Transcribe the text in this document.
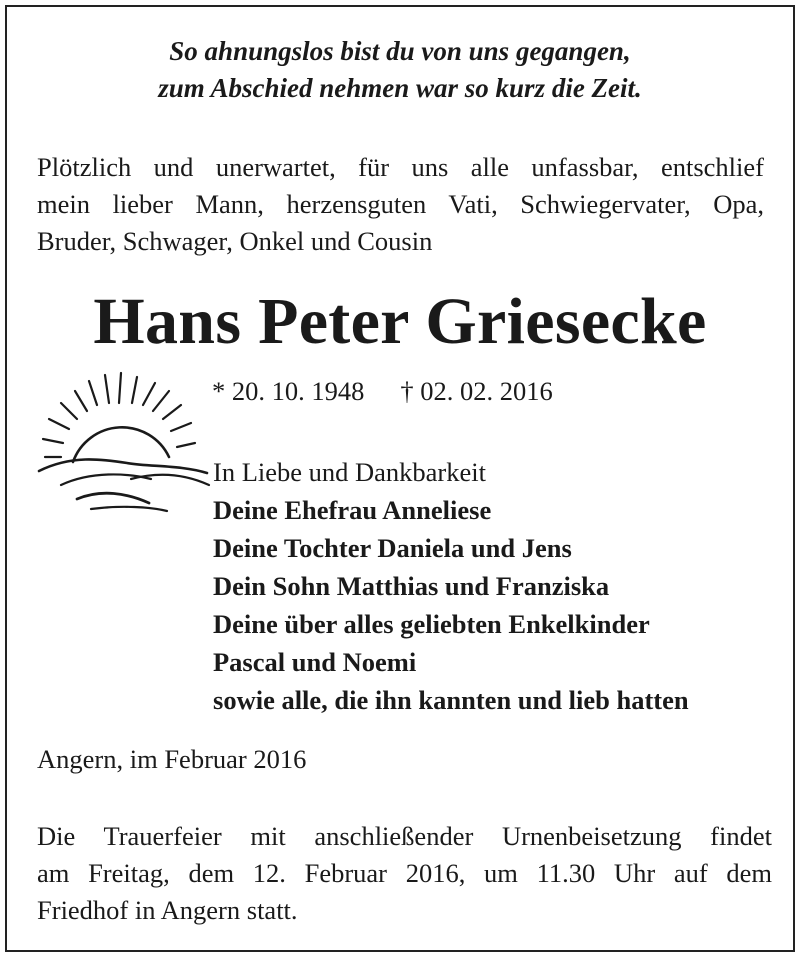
So ahnungslos bist du von uns gegangen,
zum Abschied nehmen war so kurz die Zeit.
Plötzlich und unerwartet, für uns alle unfassbar, entschlief
mein lieber Mann, herzensguten Vati, Schwiegervater, Opa,
Bruder, Schwager, Onkel und Cousin
Hans Peter Griesecke
* 20. 10. 1948 † 02. 02. 2016
In Liebe und Dankbarkeit
Deine Ehefrau Anneliese
Deine Tochter Daniela und Jens
Dein Sohn Matthias und Franziska
Deine über alles geliebten Enkelkinder
Pascal und Noemi
sowie alle, die ihn kannten und lieb hatten
Angern, im Februar 2016
Die Trauerfeier mit anschließender Urnenbeisetzung findet
am Freitag, dem 12. Februar 2016, um 11.30 Uhr auf dem
Friedhof in Angern statt.
